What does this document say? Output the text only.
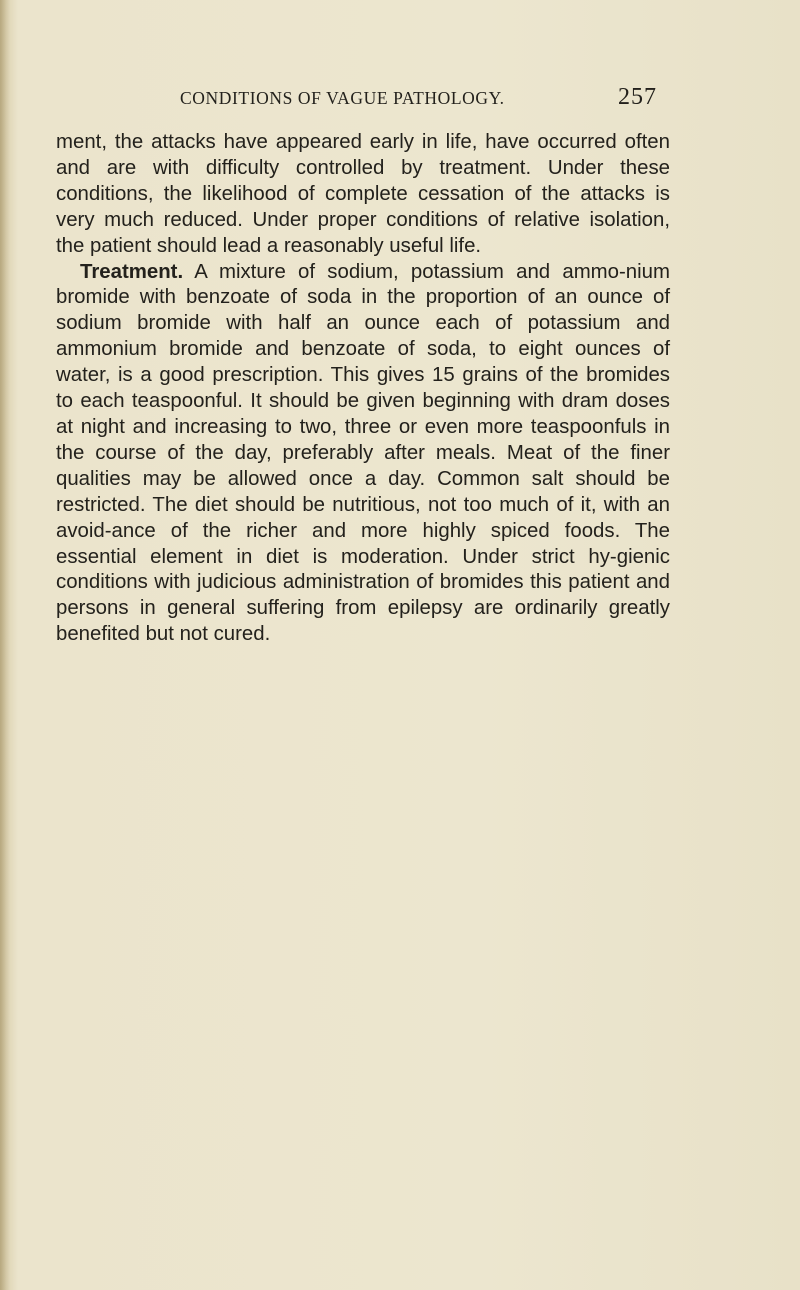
CONDITIONS OF VAGUE PATHOLOGY.	257

ment, the attacks have appeared early in life, have occurred often and are with difficulty controlled by treatment. Under these conditions, the likelihood of complete cessation of the attacks is very much reduced. Under proper conditions of relative isolation, the patient should lead a reasonably useful life.

Treatment. A mixture of sodium, potassium and ammo-nium bromide with benzoate of soda in the proportion of an ounce of sodium bromide with half an ounce each of potassium and ammonium bromide and benzoate of soda, to eight ounces of water, is a good prescription. This gives 15 grains of the bromides to each teaspoonful. It should be given beginning with dram doses at night and increasing to two, three or even more teaspoonfuls in the course of the day, preferably after meals. Meat of the finer qualities may be allowed once a day. Common salt should be restricted. The diet should be nutritious, not too much of it, with an avoid-ance of the richer and more highly spiced foods. The essential element in diet is moderation. Under strict hy-gienic conditions with judicious administration of bromides this patient and persons in general suffering from epilepsy are ordinarily greatly benefited but not cured.
